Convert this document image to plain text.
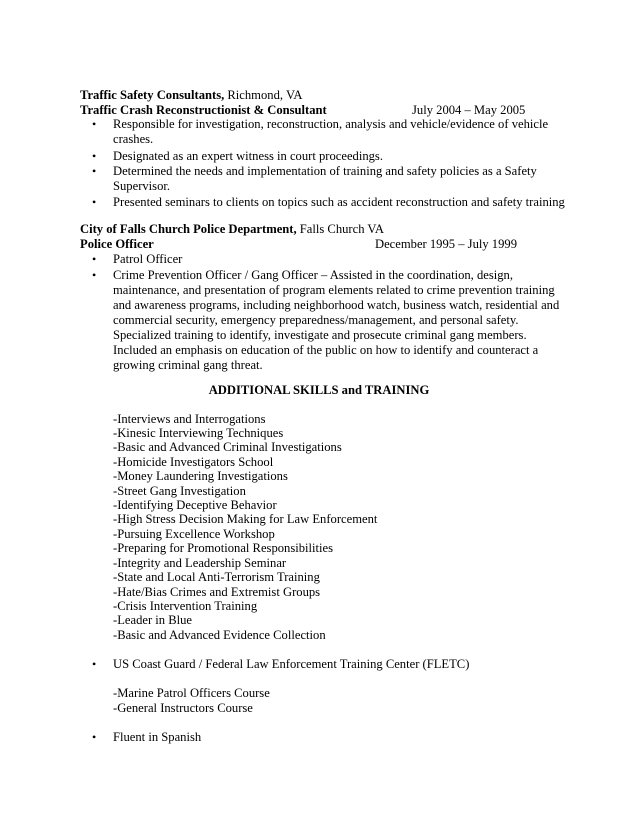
Traffic Safety Consultants, Richmond, VA
Traffic Crash Reconstructionist & Consultant	July 2004 – May 2005
• Responsible for investigation, reconstruction, analysis and vehicle/evidence of vehicle
crashes.
• Designated as an expert witness in court proceedings.
• Determined the needs and implementation of training and safety policies as a Safety
Supervisor.
• Presented seminars to clients on topics such as accident reconstruction and safety training
City of Falls Church Police Department, Falls Church VA
Police Officer	December 1995 – July 1999
• Patrol Officer
• Crime Prevention Officer / Gang Officer – Assisted in the coordination, design,
maintenance, and presentation of program elements related to crime prevention training
and awareness programs, including neighborhood watch, business watch, residential and
commercial security, emergency preparedness/management, and personal safety.
Specialized training to identify, investigate and prosecute criminal gang members.
Included an emphasis on education of the public on how to identify and counteract a
growing criminal gang threat.
ADDITIONAL SKILLS and TRAINING
-Interviews and Interrogations
-Kinesic Interviewing Techniques
-Basic and Advanced Criminal Investigations
-Homicide Investigators School
-Money Laundering Investigations
-Street Gang Investigation
-Identifying Deceptive Behavior
-High Stress Decision Making for Law Enforcement
-Pursuing Excellence Workshop
-Preparing for Promotional Responsibilities
-Integrity and Leadership Seminar
-State and Local Anti-Terrorism Training
-Hate/Bias Crimes and Extremist Groups
-Crisis Intervention Training
-Leader in Blue
-Basic and Advanced Evidence Collection
• US Coast Guard / Federal Law Enforcement Training Center (FLETC)
-Marine Patrol Officers Course
-General Instructors Course
• Fluent in Spanish
